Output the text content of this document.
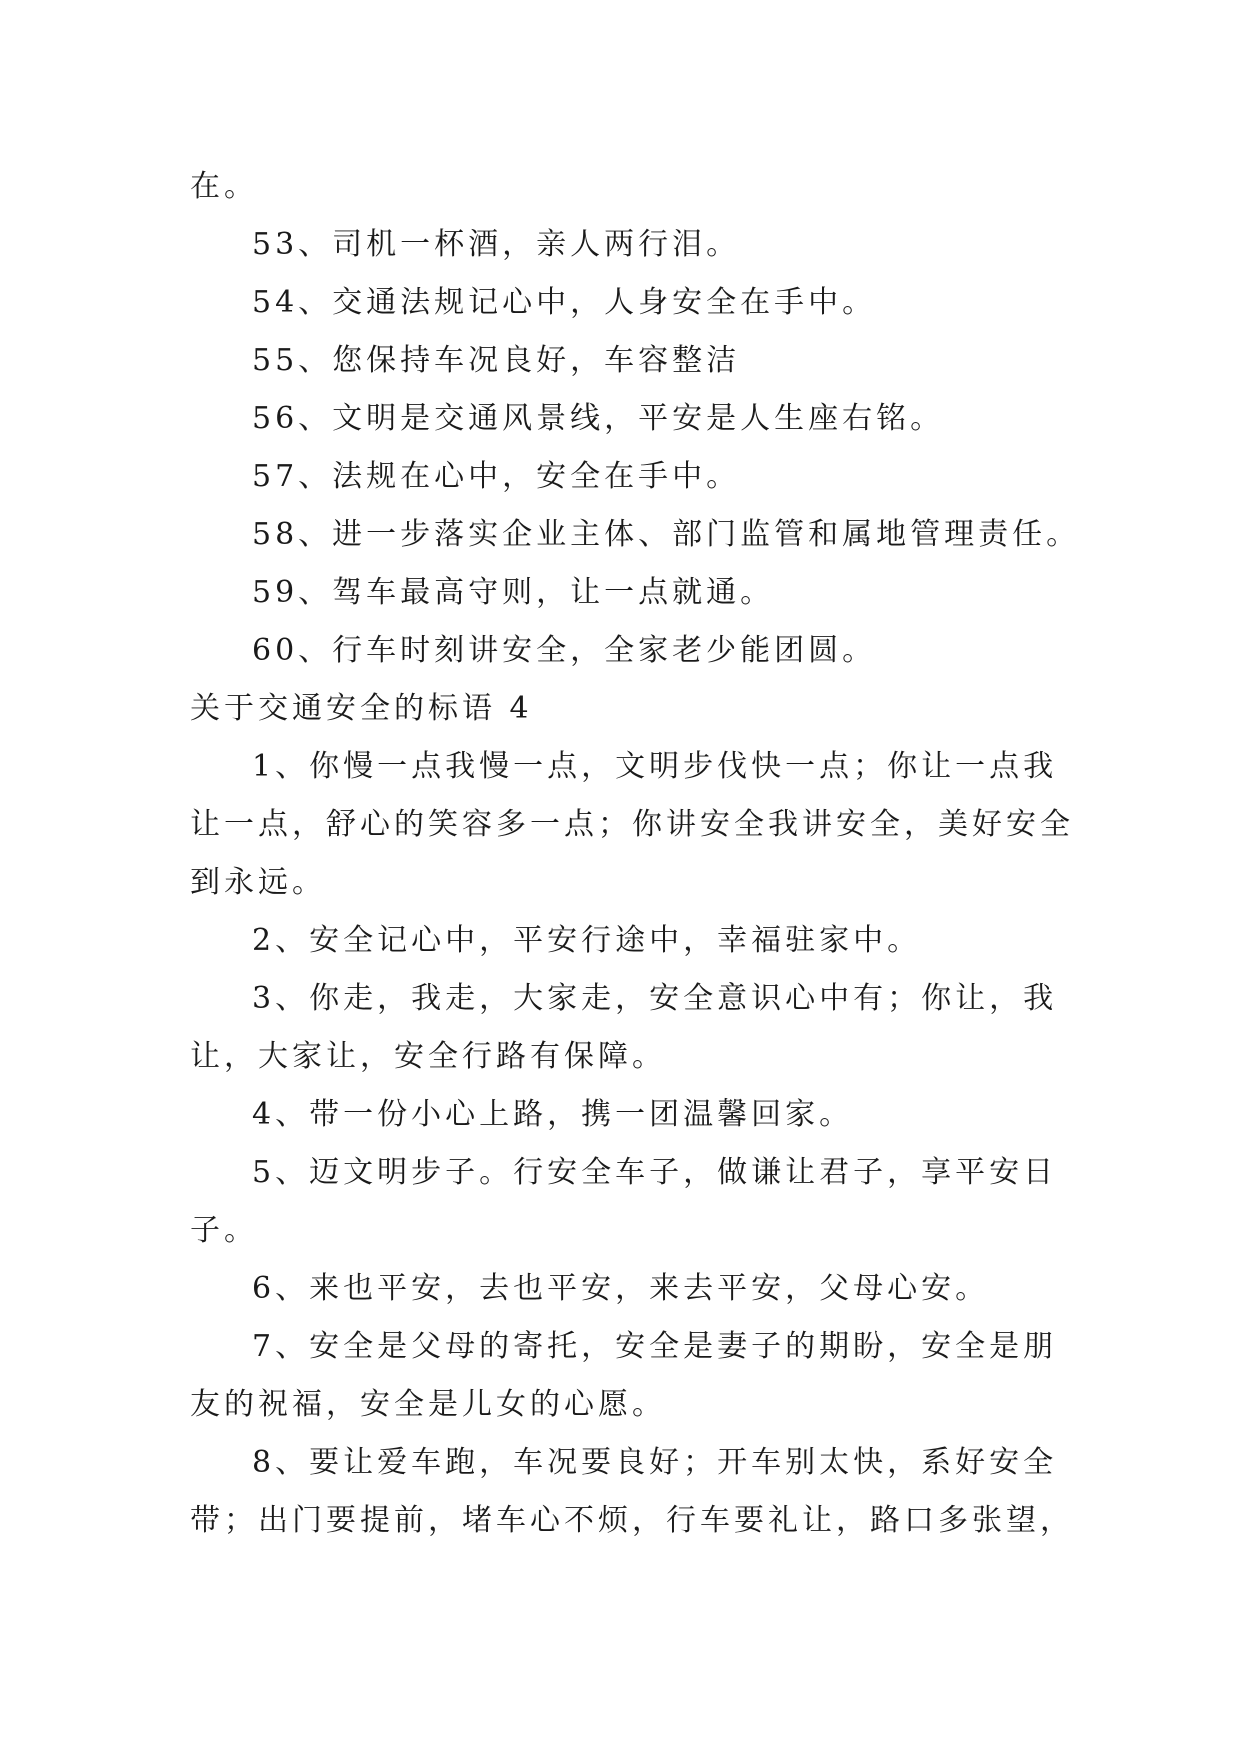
在。
53、司机一杯酒，亲人两行泪。
54、交通法规记心中，人身安全在手中。
55、您保持车况良好，车容整洁
56、文明是交通风景线，平安是人生座右铭。
57、法规在心中，安全在手中。
58、进一步落实企业主体、部门监管和属地管理责任。
59、驾车最高守则，让一点就通。
60、行车时刻讲安全，全家老少能团圆。
关于交通安全的标语 4
1、你慢一点我慢一点，文明步伐快一点；你让一点我
让一点，舒心的笑容多一点；你讲安全我讲安全，美好安全
到永远。
2、安全记心中，平安行途中，幸福驻家中。
3、你走，我走，大家走，安全意识心中有；你让，我
让，大家让，安全行路有保障。
4、带一份小心上路，携一团温馨回家。
5、迈文明步子。行安全车子，做谦让君子，享平安日
子。
6、来也平安，去也平安，来去平安，父母心安。
7、安全是父母的寄托，安全是妻子的期盼，安全是朋
友的祝福，安全是儿女的心愿。
8、要让爱车跑，车况要良好；开车别太快，系好安全
带；出门要提前，堵车心不烦，行车要礼让，路口多张望，
